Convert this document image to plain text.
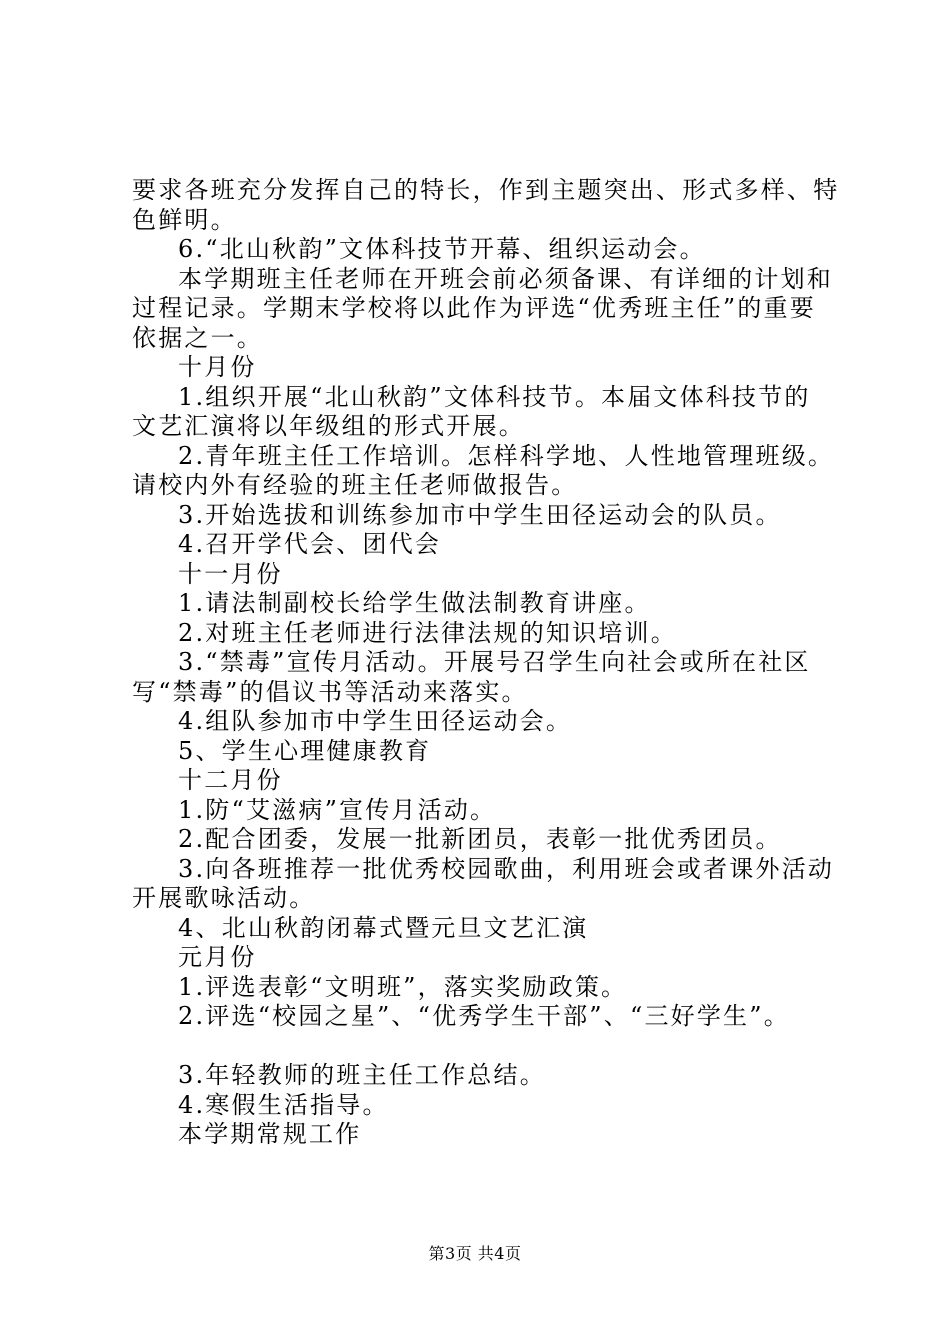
要求各班充分发挥自己的特长，作到主题突出、形式多样、特
色鲜明。
6.“北山秋韵”文体科技节开幕、组织运动会。
本学期班主任老师在开班会前必须备课、有详细的计划和
过程记录。学期末学校将以此作为评选“优秀班主任”的重要
依据之一。
十月份
1.组织开展“北山秋韵”文体科技节。本届文体科技节的
文艺汇演将以年级组的形式开展。
2.青年班主任工作培训。怎样科学地、人性地管理班级。
请校内外有经验的班主任老师做报告。
3.开始选拔和训练参加市中学生田径运动会的队员。
4.召开学代会、团代会
十一月份
1.请法制副校长给学生做法制教育讲座。
2.对班主任老师进行法律法规的知识培训。
3.“禁毒”宣传月活动。开展号召学生向社会或所在社区
写“禁毒”的倡议书等活动来落实。
4.组队参加市中学生田径运动会。
5、学生心理健康教育
十二月份
1.防“艾滋病”宣传月活动。
2.配合团委，发展一批新团员，表彰一批优秀团员。
3.向各班推荐一批优秀校园歌曲，利用班会或者课外活动
开展歌咏活动。
4、北山秋韵闭幕式暨元旦文艺汇演
元月份
1.评选表彰“文明班”，落实奖励政策。
2.评选“校园之星”、“优秀学生干部”、“三好学生”。
3.年轻教师的班主任工作总结。
4.寒假生活指导。
本学期常规工作
第3页 共4页
